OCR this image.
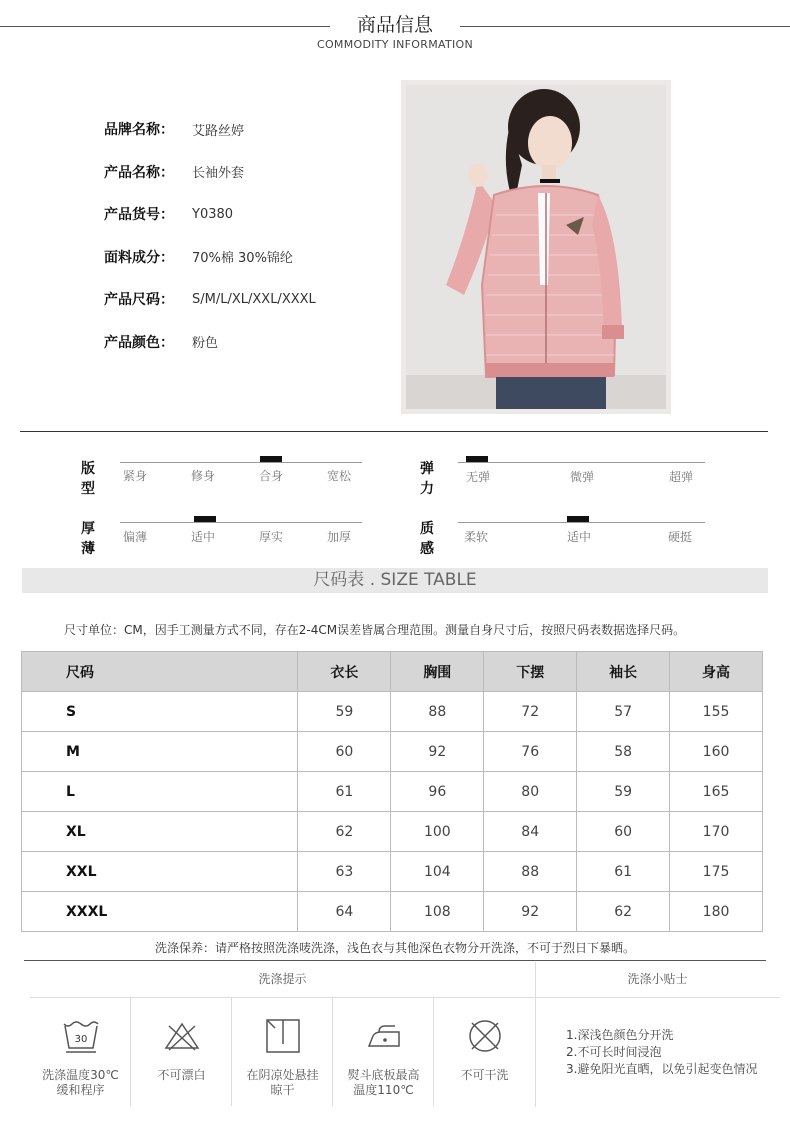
商品信息
COMMODITY INFORMATION
品牌名称：	艾路丝婷
产品名称：	长袖外套
产品货号：	Y0380
面料成分：	70%棉 30%锦纶
产品尺码：	S/M/L/XL/XXL/XXXL
产品颜色：	粉色
版型
紧身	修身	合身	宽松	弹力
无弹	微弹	超弹
厚薄
偏薄	适中	厚实	加厚	质感
柔软	适中	硬挺
尺码表 . SIZE TABLE
尺寸单位：CM，因手工测量方式不同，存在2-4CM误差皆属合理范围。测量自身尺寸后，按照尺码表数据选择尺码。
尺码	衣长	胸围	下摆	袖长	身高
S	59	88	72	57	155
M	60	92	76	58	160
L	61	96	80	59	165
XL	62	100	84	60	170
XXL	63	104	88	61	175
XXXL	64	108	92	62	180
洗涤保养：请严格按照洗涤唛洗涤，浅色衣与其他深色衣物分开洗涤，不可于烈日下暴晒。
洗涤提示	洗涤小贴士
30
洗涤温度30℃
缓和程序
不可漂白	在阴凉处悬挂
晾干
熨斗底板最高
温度110℃
不可干洗
1.深浅色颜色分开洗
2.不可长时间浸泡
3.避免阳光直晒，以免引起变色情况
